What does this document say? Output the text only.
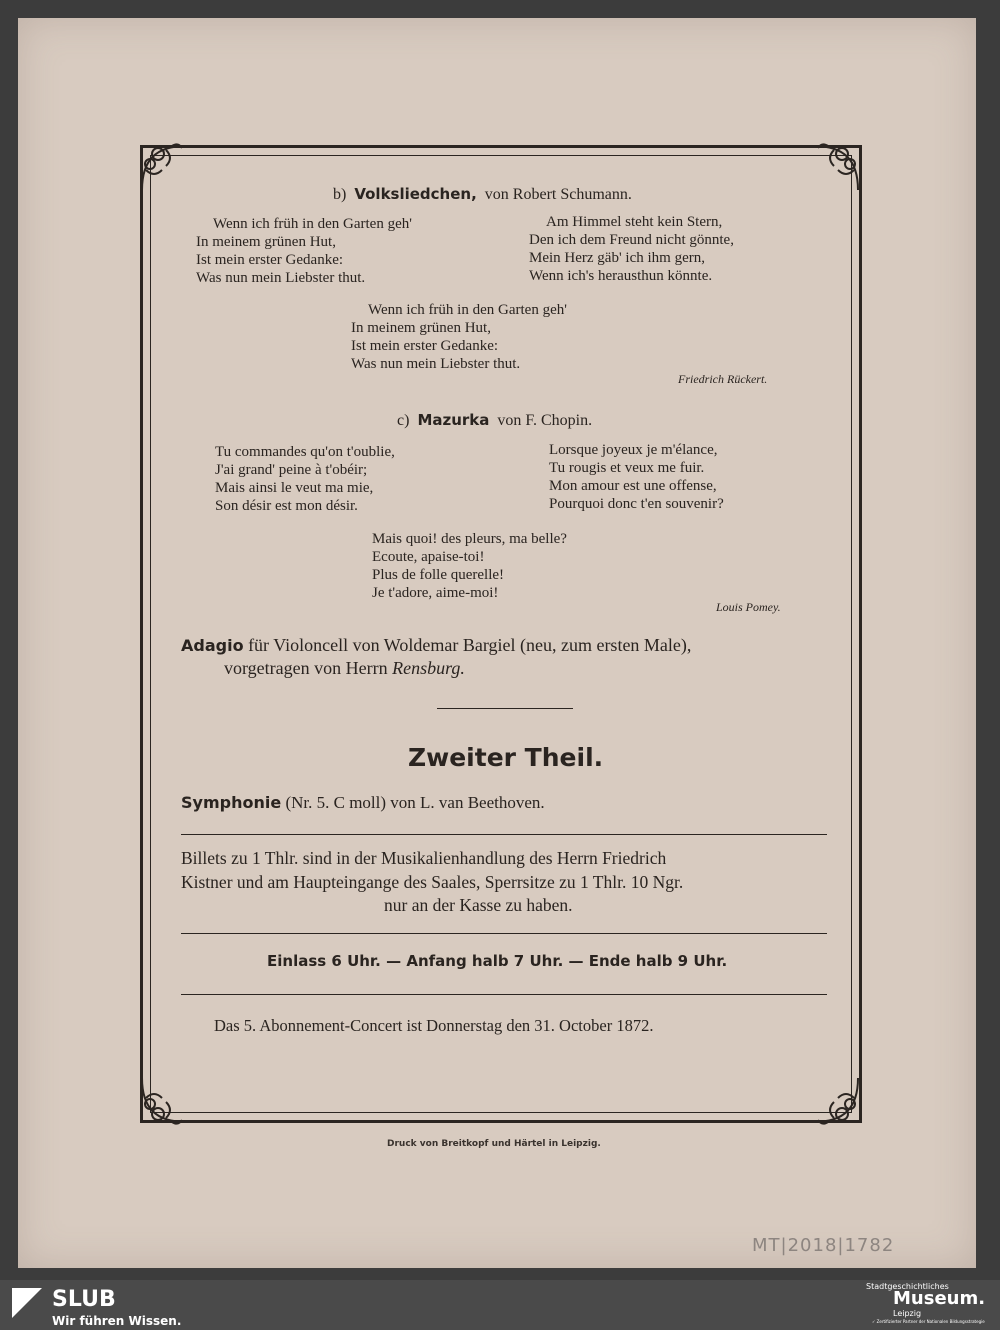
b) Volksliedchen, von Robert Schumann.
Wenn ich früh in den Garten geh'
In meinem grünen Hut,
Ist mein erster Gedanke:
Was nun mein Liebster thut.
Am Himmel steht kein Stern,
Den ich dem Freund nicht gönnte,
Mein Herz gäb' ich ihm gern,
Wenn ich's herausthun könnte.
Wenn ich früh in den Garten geh'
In meinem grünen Hut,
Ist mein erster Gedanke:
Was nun mein Liebster thut.
Friedrich Rückert.
c) Mazurka von F. Chopin.
Tu commandes qu'on t'oublie,
J'ai grand' peine à t'obéir;
Mais ainsi le veut ma mie,
Son désir est mon désir.
Lorsque joyeux je m'élance,
Tu rougis et veux me fuir.
Mon amour est une offense,
Pourquoi donc t'en souvenir?
Mais quoi! des pleurs, ma belle?
Ecoute, apaise-toi!
Plus de folle querelle!
Je t'adore, aime-moi!
Louis Pomey.
Adagio für Violoncell von Woldemar Bargiel (neu, zum ersten Male),
vorgetragen von Herrn Rensburg.
Zweiter Theil.
Symphonie (Nr. 5. C moll) von L. van Beethoven.
Billets zu 1 Thlr. sind in der Musikalienhandlung des Herrn Friedrich
Kistner und am Haupteingange des Saales, Sperrsitze zu 1 Thlr. 10 Ngr.
nur an der Kasse zu haben.
Einlass 6 Uhr. — Anfang halb 7 Uhr. — Ende halb 9 Uhr.
Das 5. Abonnement-Concert ist Donnerstag den 31. October 1872.
Druck von Breitkopf und Härtel in Leipzig.
MT|2018|1782
SLUB
Wir führen Wissen.
Stadtgeschichtliches
Museum.
Leipzig
✓ Zertifizierter Partner der Nationalen Bildungsstrategie
